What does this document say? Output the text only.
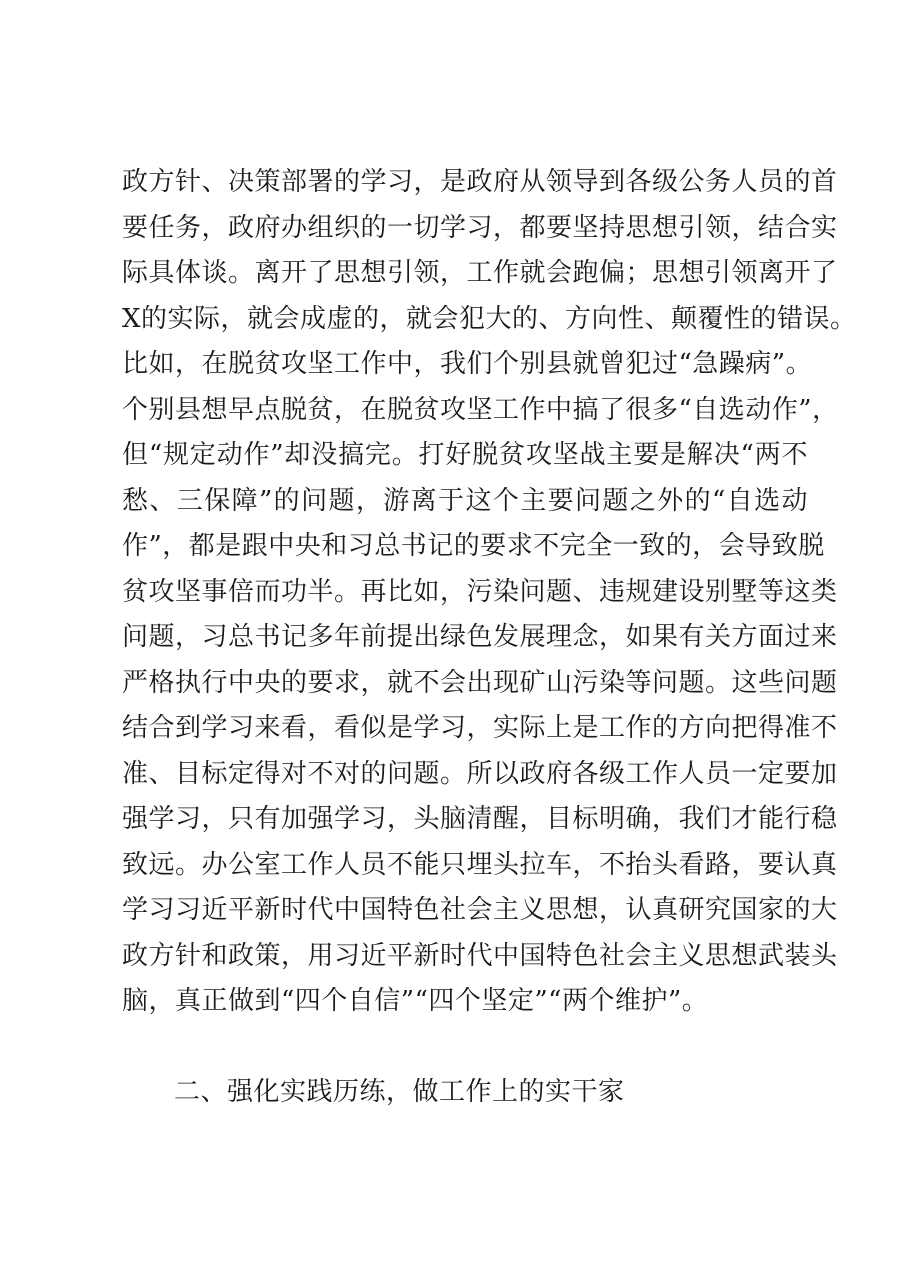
政方针、决策部署的学习，是政府从领导到各级公务人员的首
要任务，政府办组织的一切学习，都要坚持思想引领，结合实
际具体谈。离开了思想引领，工作就会跑偏；思想引领离开了
X的实际，就会成虚的，就会犯大的、方向性、颠覆性的错误。
比如，在脱贫攻坚工作中，我们个别县就曾犯过“急躁病”。
个别县想早点脱贫，在脱贫攻坚工作中搞了很多“自选动作”，
但“规定动作”却没搞完。打好脱贫攻坚战主要是解决“两不
愁、三保障”的问题，游离于这个主要问题之外的“自选动
作”，都是跟中央和习总书记的要求不完全一致的，会导致脱
贫攻坚事倍而功半。再比如，污染问题、违规建设别墅等这类
问题，习总书记多年前提出绿色发展理念，如果有关方面过来
严格执行中央的要求，就不会出现矿山污染等问题。这些问题
结合到学习来看，看似是学习，实际上是工作的方向把得准不
准、目标定得对不对的问题。所以政府各级工作人员一定要加
强学习，只有加强学习，头脑清醒，目标明确，我们才能行稳
致远。办公室工作人员不能只埋头拉车，不抬头看路，要认真
学习习近平新时代中国特色社会主义思想，认真研究国家的大
政方针和政策，用习近平新时代中国特色社会主义思想武装头
脑，真正做到“四个自信”“四个坚定”“两个维护”。

二、强化实践历练，做工作上的实干家
